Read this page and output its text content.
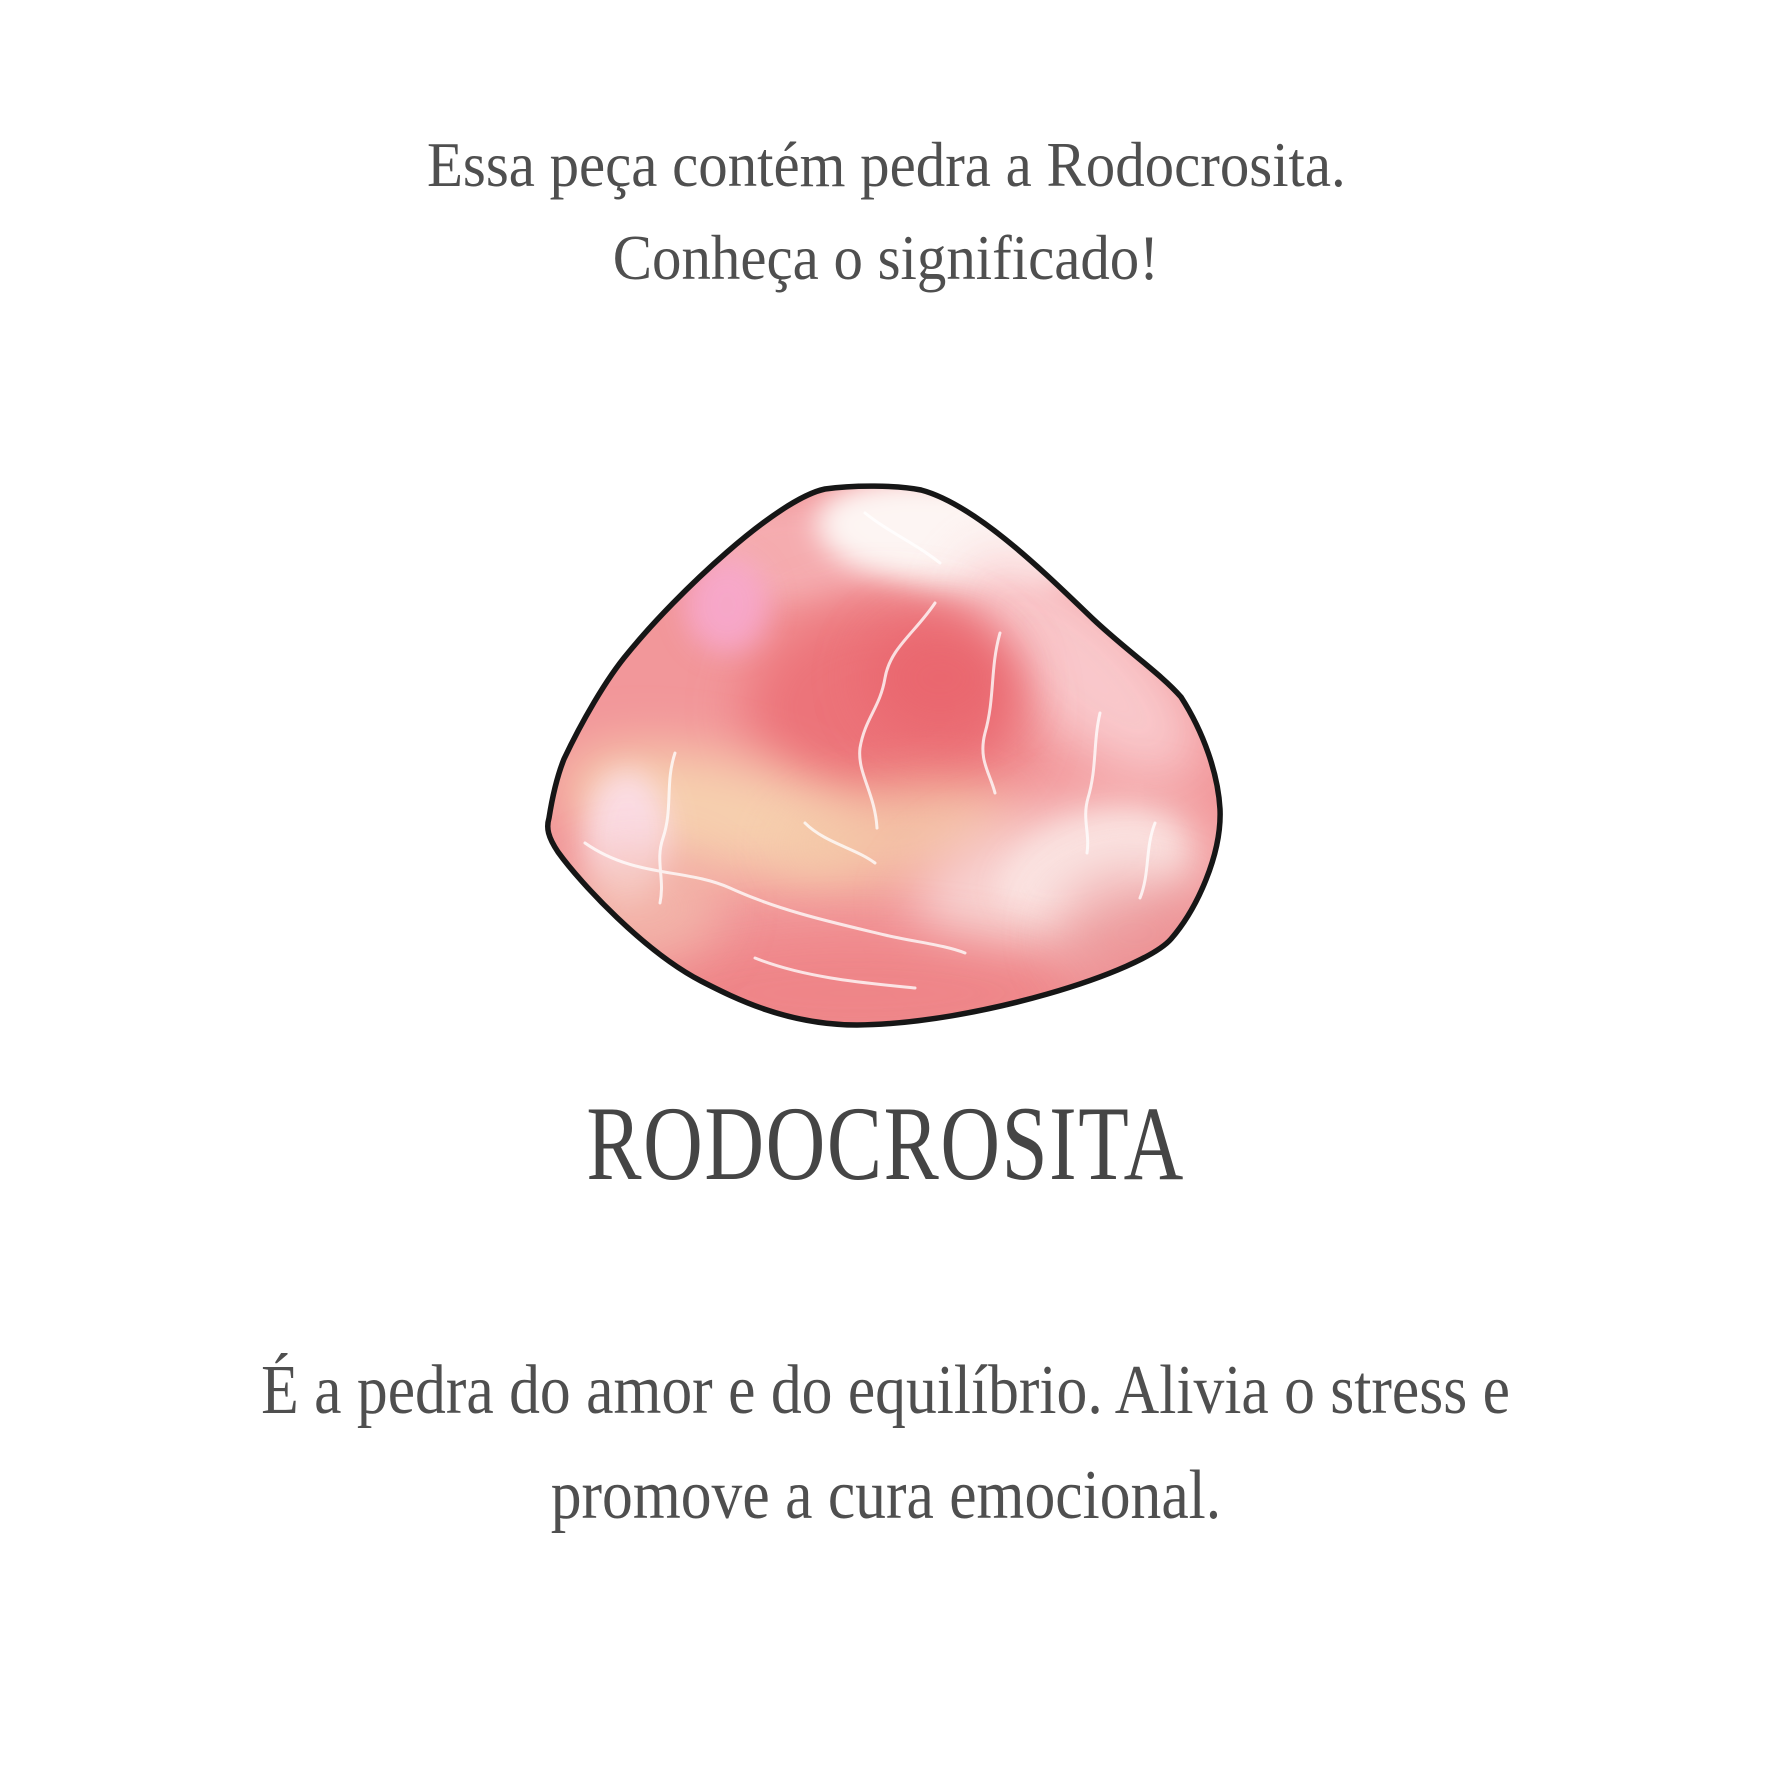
Essa peça contém pedra a Rodocrosita.
Conheça o significado!
RODOCROSITA
É a pedra do amor e do equilíbrio. Alivia o stress e
promove a cura emocional.
